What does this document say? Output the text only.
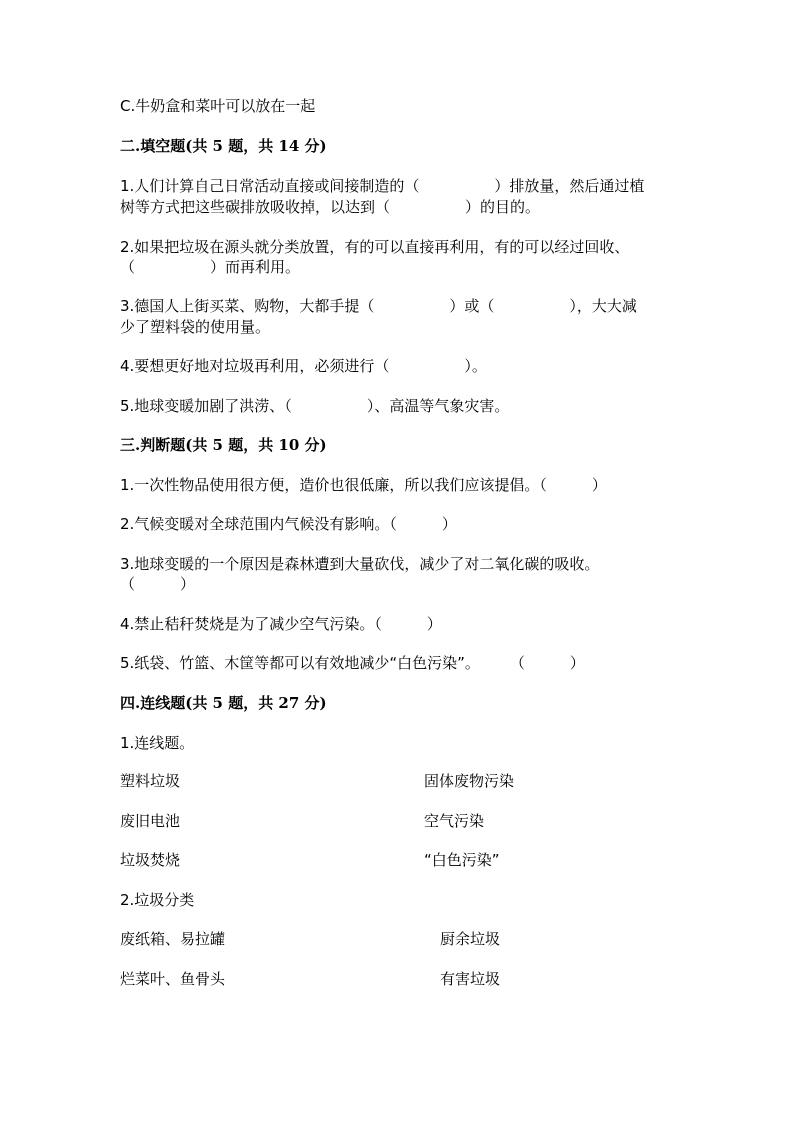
C.牛奶盒和菜叶可以放在一起
二.填空题(共 5 题，共 14 分)
1.人们计算自己日常活动直接或间接制造的（　　　　　）排放量，然后通过植
树等方式把这些碳排放吸收掉，以达到（　　　　　）的目的。
2.如果把垃圾在源头就分类放置，有的可以直接再利用，有的可以经过回收、
（　　　　　）而再利用。
3.德国人上街买菜、购物，大都手提（　　　　　）或（　　　　　），大大减
少了塑料袋的使用量。
4.要想更好地对垃圾再利用，必须进行（　　　　　）。
5.地球变暖加剧了洪涝、（　　　　　）、高温等气象灾害。
三.判断题(共 5 题，共 10 分)
1.一次性物品使用很方便，造价也很低廉，所以我们应该提倡。（　　　）
2.气候变暖对全球范围内气候没有影响。（　　　）
3.地球变暖的一个原因是森林遭到大量砍伐，减少了对二氧化碳的吸收。
（　　　）
4.禁止秸秆焚烧是为了减少空气污染。（　　　）
5.纸袋、竹篮、木筐等都可以有效地减少“白色污染”。　　　（　　　）
四.连线题(共 5 题，共 27 分)
1.连线题。
塑料垃圾	固体废物污染
废旧电池	空气污染
垃圾焚烧	“白色污染”
2.垃圾分类
废纸箱、易拉罐	厨余垃圾
烂菜叶、鱼骨头	有害垃圾
